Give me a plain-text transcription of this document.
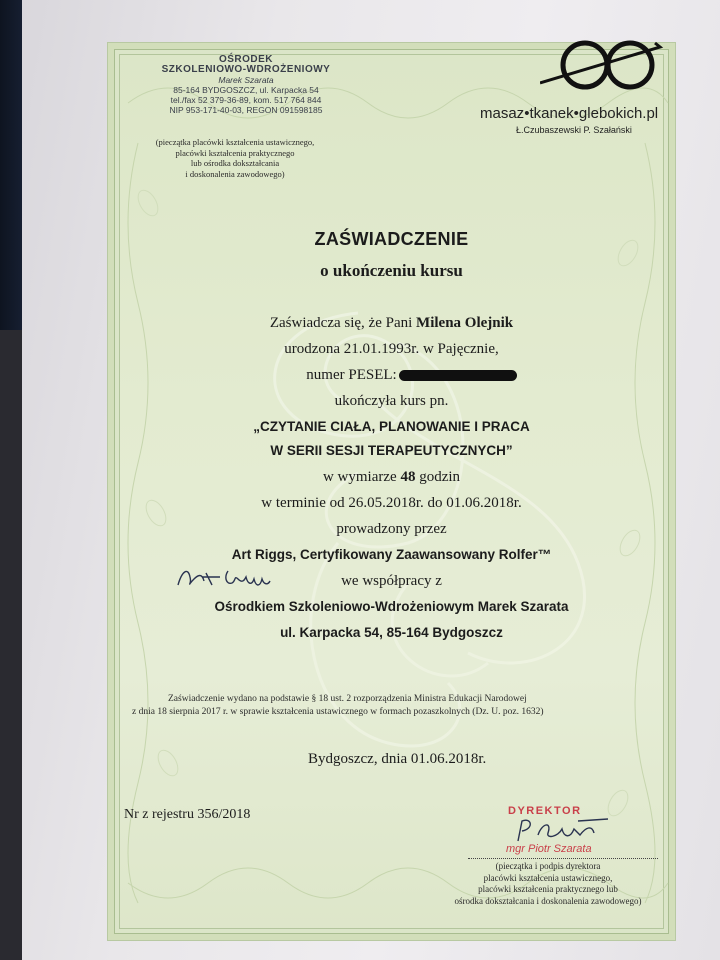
OŚRODEK
SZKOLENIOWO-WDROŻENIOWY
Marek Szarata
85-164 BYDGOSZCZ, ul. Karpacka 54
tel./fax 52 379-36-89, kom. 517 764 844
NIP 953-171-40-03, REGON 091598185
(pieczątka placówki kształcenia ustawicznego,
placówki kształcenia praktycznego
lub ośrodka dokształcania
i doskonalenia zawodowego)
masaz•tkanek•glebokich.pl
Ł.Czubaszewski P. Szałański
ZAŚWIADCZENIE
o ukończeniu kursu
Zaświadcza się, że Pani Milena Olejnik
urodzona 21.01.1993r. w Pajęcznie,
numer PESEL:
ukończyła kurs pn.
„CZYTANIE CIAŁA, PLANOWANIE I PRACA
W SERII SESJI TERAPEUTYCZNYCH”
w wymiarze 48 godzin
w terminie od 26.05.2018r. do 01.06.2018r.
prowadzony przez
Art Riggs, Certyfikowany Zaawansowany Rolfer™
we współpracy z
Ośrodkiem Szkoleniowo-Wdrożeniowym Marek Szarata
ul. Karpacka 54, 85-164 Bydgoszcz
Zaświadczenie wydano na podstawie § 18 ust. 2 rozporządzenia Ministra Edukacji Narodowej
z dnia 18 sierpnia 2017 r. w sprawie kształcenia ustawicznego w formach pozaszkolnych (Dz. U. poz. 1632)
Bydgoszcz, dnia 01.06.2018r.
Nr z rejestru 356/2018	DYREKTOR
mgr Piotr Szarata
(pieczątka i podpis dyrektora
placówki kształcenia ustawicznego,
placówki kształcenia praktycznego lub
ośrodka dokształcania i doskonalenia zawodowego)
